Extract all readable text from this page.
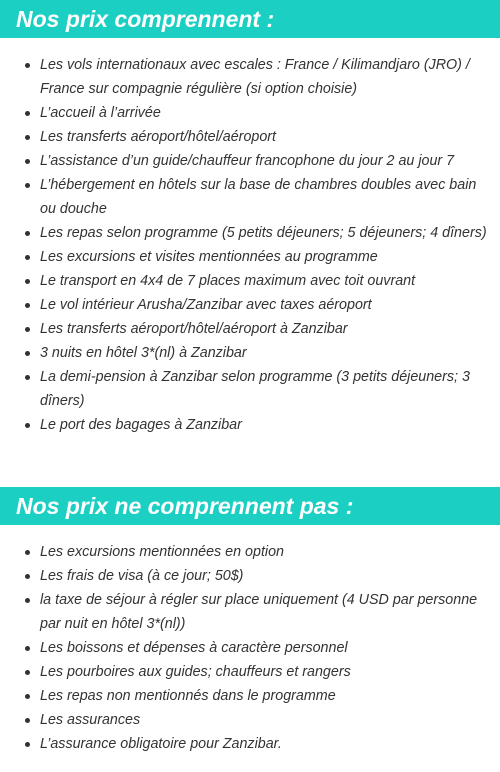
Nos prix comprennent :
Les vols internationaux avec escales : France / Kilimandjaro (JRO) / France sur compagnie régulière (si option choisie)
L’accueil à l’arrivée
Les transferts aéroport/hôtel/aéroport
L’assistance d’un guide/chauffeur francophone du jour 2 au jour 7
L’hébergement en hôtels sur la base de chambres doubles avec bain ou douche
Les repas selon programme (5 petits déjeuners; 5 déjeuners; 4 dîners)
Les excursions et visites mentionnées au programme
Le transport en 4x4 de 7 places maximum avec toit ouvrant
Le vol intérieur Arusha/Zanzibar avec taxes aéroport
Les transferts aéroport/hôtel/aéroport à Zanzibar
3 nuits en hôtel 3*(nl) à Zanzibar
La demi-pension à Zanzibar selon programme (3 petits déjeuners; 3 dîners)
Le port des bagages à Zanzibar
Nos prix ne comprennent pas :
Les excursions mentionnées en option
Les frais de visa (à ce jour; 50$)
la taxe de séjour à régler sur place uniquement (4 USD par personne par nuit en hôtel 3*(nl))
Les boissons et dépenses à caractère personnel
Les pourboires aux guides; chauffeurs et rangers
Les repas non mentionnés dans le programme
Les assurances
L’assurance obligatoire pour Zanzibar.
